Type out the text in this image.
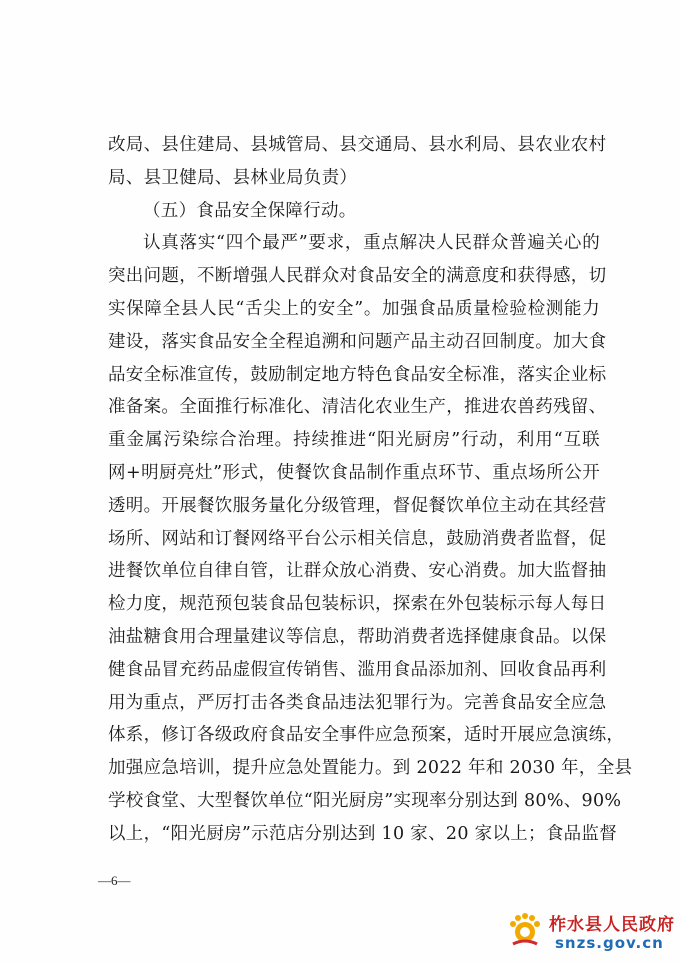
改局、县住建局、县城管局、县交通局、县水利局、县农业农村
局、县卫健局、县林业局负责）

（五）食品安全保障行动。

认真落实“四个最严”要求，重点解决人民群众普遍关心的
突出问题，不断增强人民群众对食品安全的满意度和获得感，切
实保障全县人民“舌尖上的安全”。加强食品质量检验检测能力
建设，落实食品安全全程追溯和问题产品主动召回制度。加大食
品安全标准宣传，鼓励制定地方特色食品安全标准，落实企业标
准备案。全面推行标准化、清洁化农业生产，推进农兽药残留、
重金属污染综合治理。持续推进“阳光厨房”行动，利用“互联
网+明厨亮灶”形式，使餐饮食品制作重点环节、重点场所公开
透明。开展餐饮服务量化分级管理，督促餐饮单位主动在其经营
场所、网站和订餐网络平台公示相关信息，鼓励消费者监督，促
进餐饮单位自律自管，让群众放心消费、安心消费。加大监督抽
检力度，规范预包装食品包装标识，探索在外包装标示每人每日
油盐糖食用合理量建议等信息，帮助消费者选择健康食品。以保
健食品冒充药品虚假宣传销售、滥用食品添加剂、回收食品再利
用为重点，严厉打击各类食品违法犯罪行为。完善食品安全应急
体系，修订各级政府食品安全事件应急预案，适时开展应急演练，
加强应急培训，提升应急处置能力。到 2022 年和 2030 年，全县
学校食堂、大型餐饮单位“阳光厨房”实现率分别达到 80%、90%
以上，“阳光厨房”示范店分别达到 10 家、20 家以上；食品监督

—6—
柞水县人民政府
snzs.gov.cn
